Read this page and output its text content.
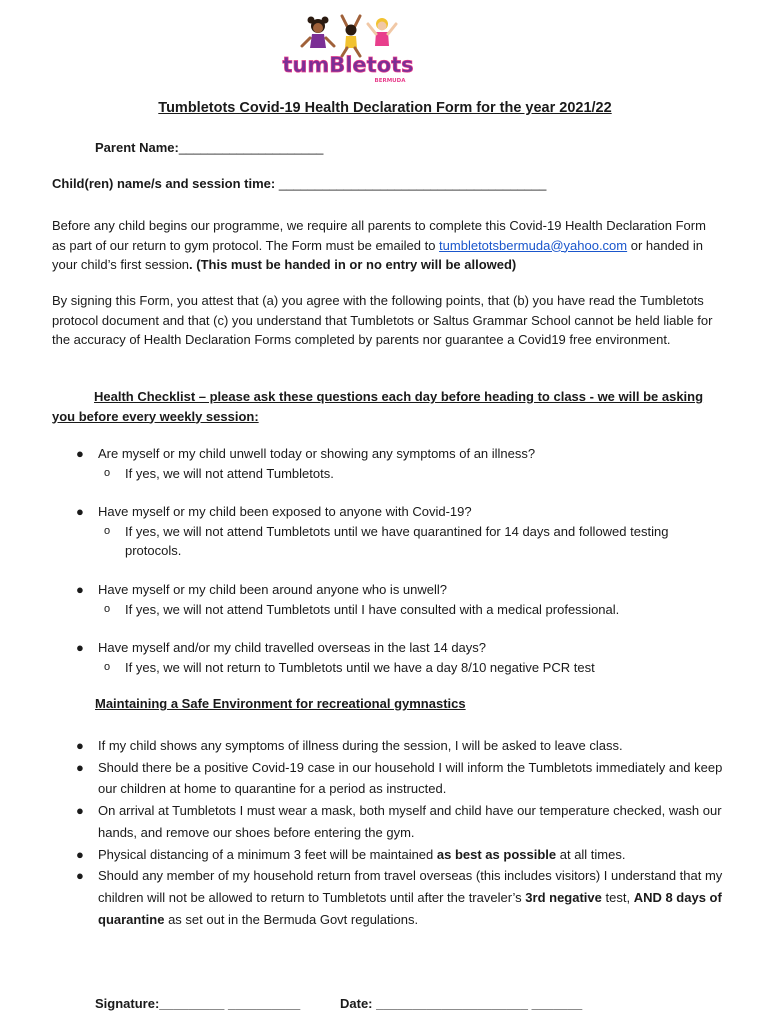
tumBletots
BERMUDA
Tumbletots Covid-19 Health Declaration Form for the year 2021/22
Parent Name:____________________
Child(ren) name/s and session time: _____________________________________
Before any child begins our programme, we require all parents to complete this Covid-19 Health Declaration Form as part of our return to gym protocol. The Form must be emailed to tumbletotsbermuda@yahoo.com or handed in your child’s first session. (This must be handed in or no entry will be allowed)
By signing this Form, you attest that (a) you agree with the following points, that (b) you have read the Tumbletots protocol document and that (c) you understand that Tumbletots or Saltus Grammar School cannot be held liable for the accuracy of Health Declaration Forms completed by parents nor guarantee a Covid19 free environment.
Health Checklist – please ask these questions each day before heading to class - we will be asking you before every weekly session:
● Are myself or my child unwell today or showing any symptoms of an illness?
o If yes, we will not attend Tumbletots.
● Have myself or my child been exposed to anyone with Covid-19?
o If yes, we will not attend Tumbletots until we have quarantined for 14 days and followed testing protocols.
● Have myself or my child been around anyone who is unwell?
o If yes, we will not attend Tumbletots until I have consulted with a medical professional.
● Have myself and/or my child travelled overseas in the last 14 days?
o If yes, we will not return to Tumbletots until we have a day 8/10 negative PCR test
Maintaining a Safe Environment for recreational gymnastics
● If my child shows any symptoms of illness during the session, I will be asked to leave class.
● Should there be a positive Covid-19 case in our household I will inform the Tumbletots immediately and keep our children at home to quarantine for a period as instructed.
● On arrival at Tumbletots I must wear a mask, both myself and child have our temperature checked, wash our hands, and remove our shoes before entering the gym.
● Physical distancing of a minimum 3 feet will be maintained as best as possible at all times.
● Should any member of my household return from travel overseas (this includes visitors) I understand that my children will not be allowed to return to Tumbletots until after the traveler’s 3rd negative test, AND 8 days of quarantine as set out in the Bermuda Govt regulations.
Signature:_________ __________	Date: _____________________ _______
